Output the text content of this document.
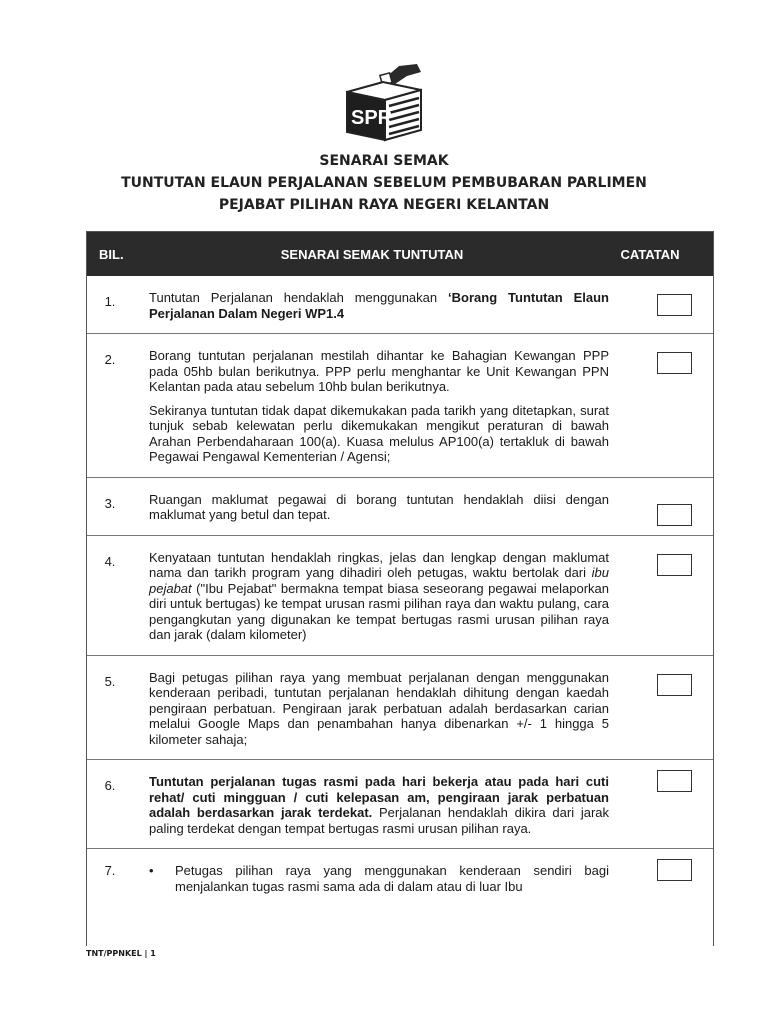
SPR
SENARAI SEMAK
TUNTUTAN ELAUN PERJALANAN SEBELUM PEMBUBARAN PARLIMEN
PEJABAT PILIHAN RAYA NEGERI KELANTAN
BIL.	SENARAI SEMAK TUNTUTAN	CATATAN
1.	Tuntutan Perjalanan hendaklah menggunakan ‘Borang Tuntutan Elaun Perjalanan Dalam Negeri WP1.4

2.	Borang tuntutan perjalanan mestilah dihantar ke Bahagian Kewangan PPP pada 05hb bulan berikutnya. PPP perlu menghantar ke Unit Kewangan PPN Kelantan pada atau sebelum 10hb bulan berikutnya.

Sekiranya tuntutan tidak dapat dikemukakan pada tarikh yang ditetapkan, surat tunjuk sebab kelewatan perlu dikemukakan mengikut peraturan di bawah Arahan Perbendaharaan 100(a). Kuasa melulus AP100(a) tertakluk di bawah Pegawai Pengawal Kementerian / Agensi;

3.	Ruangan maklumat pegawai di borang tuntutan hendaklah diisi dengan maklumat yang betul dan tepat.

4.	Kenyataan tuntutan hendaklah ringkas, jelas dan lengkap dengan maklumat nama dan tarikh program yang dihadiri oleh petugas, waktu bertolak dari ibu pejabat ("Ibu Pejabat" bermakna tempat biasa seseorang pegawai melaporkan diri untuk bertugas) ke tempat urusan rasmi pilihan raya dan waktu pulang, cara pengangkutan yang digunakan ke tempat bertugas rasmi urusan pilihan raya dan jarak (dalam kilometer)

5.	Bagi petugas pilihan raya yang membuat perjalanan dengan menggunakan kenderaan peribadi, tuntutan perjalanan hendaklah dihitung dengan kaedah pengiraan perbatuan. Pengiraan jarak perbatuan adalah berdasarkan carian melalui Google Maps dan penambahan hanya dibenarkan +/- 1 hingga 5 kilometer sahaja;

6.	Tuntutan perjalanan tugas rasmi pada hari bekerja atau pada hari cuti rehat/ cuti mingguan / cuti kelepasan am, pengiraan jarak perbatuan adalah berdasarkan jarak terdekat. Perjalanan hendaklah dikira dari jarak paling terdekat dengan tempat bertugas rasmi urusan pilihan raya.

7.	•	Petugas pilihan raya yang menggunakan kenderaan sendiri bagi menjalankan tugas rasmi sama ada di dalam atau di luar Ibu
TNT/PPNKEL | 1
